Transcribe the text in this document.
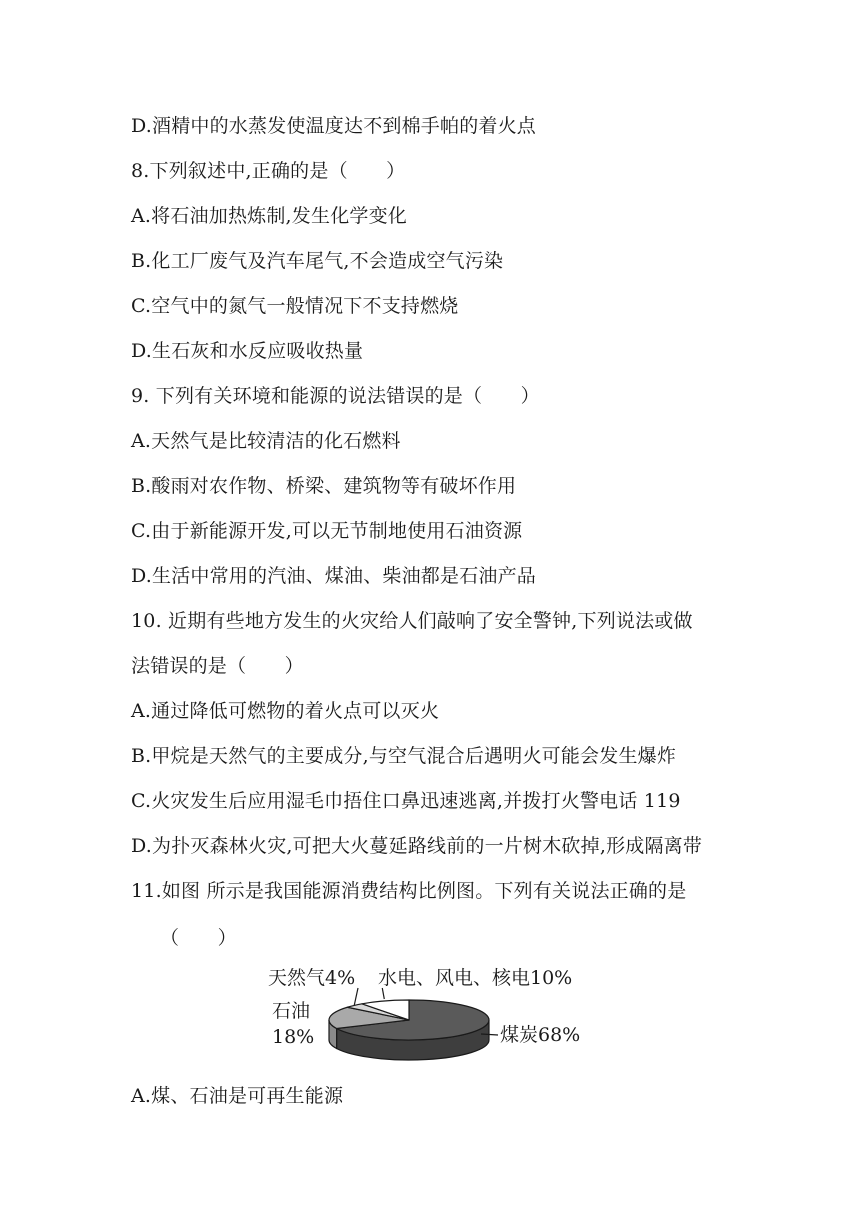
D.酒精中的水蒸发使温度达不到棉手帕的着火点
8.下列叙述中,正确的是（　　）
A.将石油加热炼制,发生化学变化
B.化工厂废气及汽车尾气,不会造成空气污染
C.空气中的氮气一般情况下不支持燃烧
D.生石灰和水反应吸收热量
9. 下列有关环境和能源的说法错误的是（　　）
A.天然气是比较清洁的化石燃料
B.酸雨对农作物、桥梁、建筑物等有破坏作用
C.由于新能源开发,可以无节制地使用石油资源
D.生活中常用的汽油、煤油、柴油都是石油产品
10. 近期有些地方发生的火灾给人们敲响了安全警钟,下列说法或做
法错误的是（　　）
A.通过降低可燃物的着火点可以灭火
B.甲烷是天然气的主要成分,与空气混合后遇明火可能会发生爆炸
C.火灾发生后应用湿毛巾捂住口鼻迅速逃离,并拨打火警电话 119
D.为扑灭森林火灾,可把大火蔓延路线前的一片树木砍掉,形成隔离带
11.如图 所示是我国能源消费结构比例图。下列有关说法正确的是
（　　）
天然气4% 水电、风电、核电10%
石油
18%	煤炭68%
A.煤、石油是可再生能源
